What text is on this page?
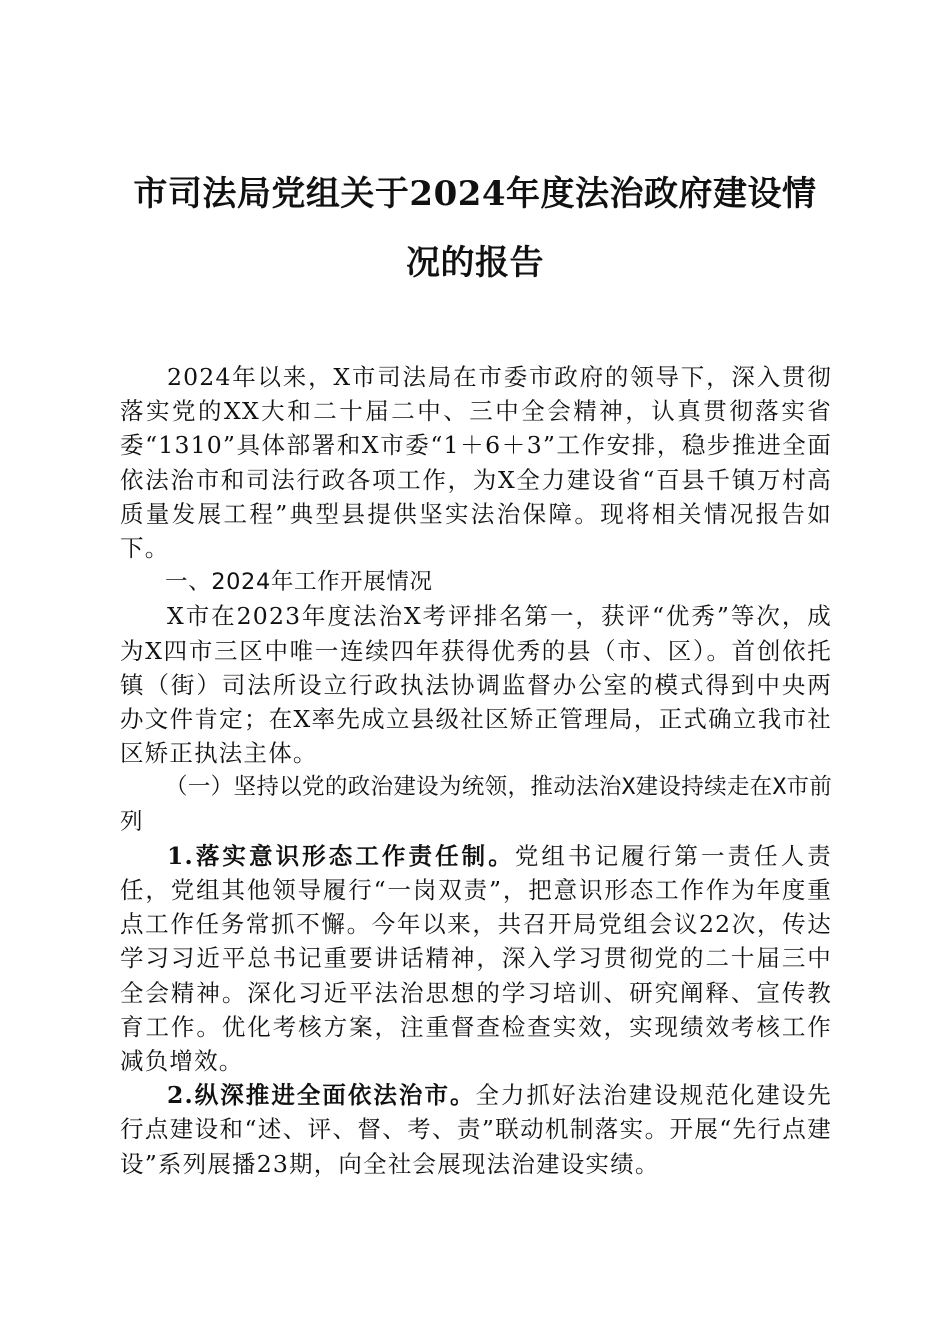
市司法局党组关于2024年度法治政府建设情
况的报告

2024年以来，X市司法局在市委市政府的领导下，深入贯彻落实党的XX大和二十届二中、三中全会精神，认真贯彻落实省委“1310”具体部署和X市委“1＋6＋3”工作安排，稳步推进全面依法治市和司法行政各项工作，为X全力建设省“百县千镇万村高质量发展工程”典型县提供坚实法治保障。现将相关情况报告如下。

一、2024年工作开展情况

X市在2023年度法治X考评排名第一，获评“优秀”等次，成为X四市三区中唯一连续四年获得优秀的县（市、区）。首创依托镇（街）司法所设立行政执法协调监督办公室的模式得到中央两办文件肯定；在X率先成立县级社区矫正管理局，正式确立我市社区矫正执法主体。

（一）坚持以党的政治建设为统领，推动法治X建设持续走在X市前列

1.落实意识形态工作责任制。党组书记履行第一责任人责任，党组其他领导履行“一岗双责”，把意识形态工作作为年度重点工作任务常抓不懈。今年以来，共召开局党组会议22次，传达学习习近平总书记重要讲话精神，深入学习贯彻党的二十届三中全会精神。深化习近平法治思想的学习培训、研究阐释、宣传教育工作。优化考核方案，注重督查检查实效，实现绩效考核工作减负增效。

2.纵深推进全面依法治市。全力抓好法治建设规范化建设先行点建设和“述、评、督、考、责”联动机制落实。开展“先行点建设”系列展播23期，向全社会展现法治建设实绩。
